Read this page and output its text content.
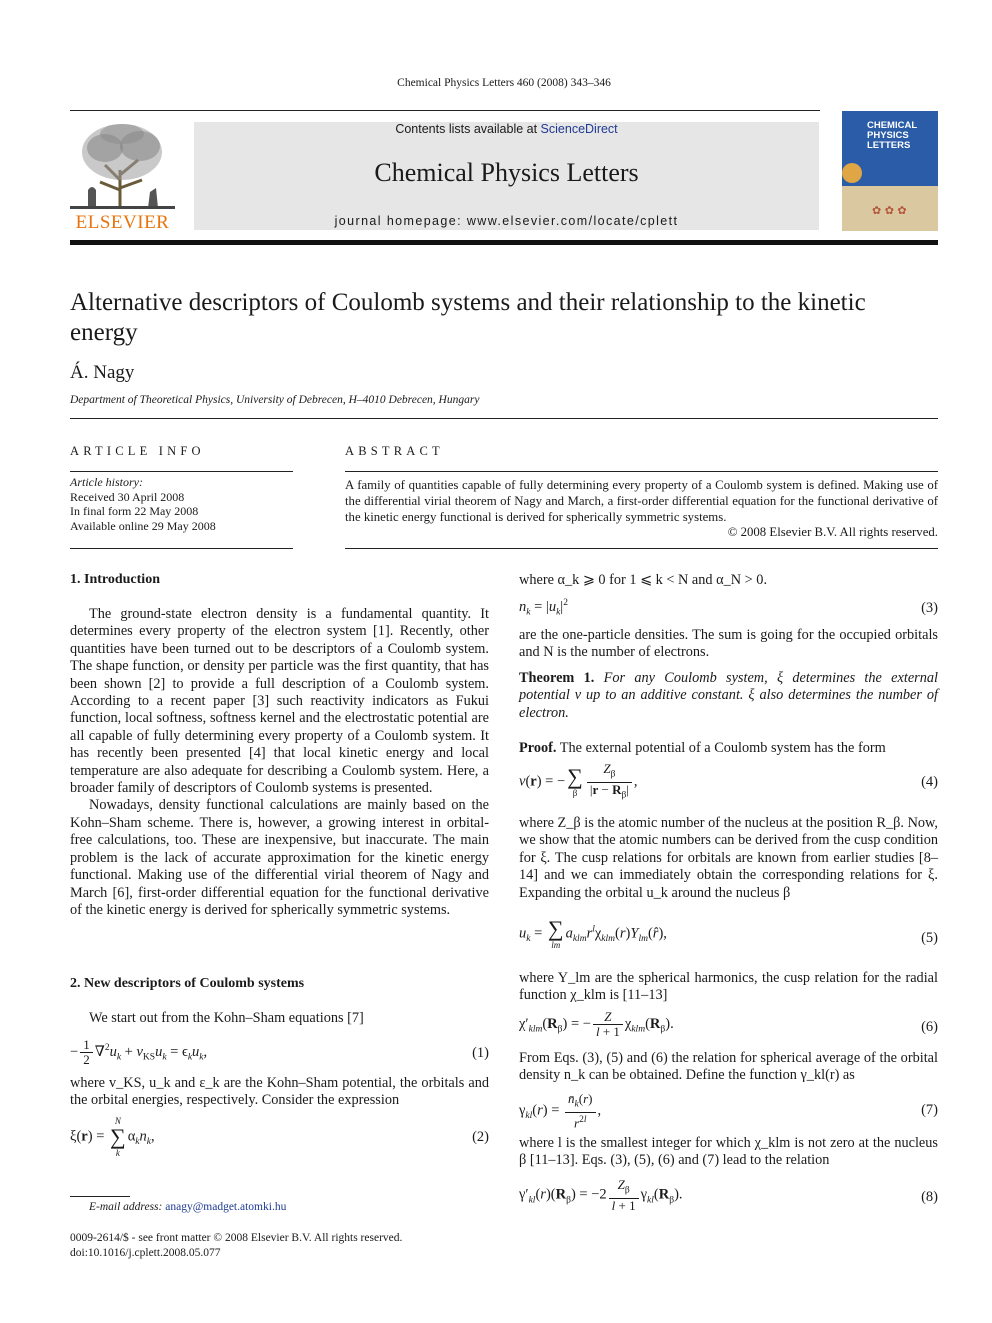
Chemical Physics Letters 460 (2008) 343–346
ELSEVIER
Contents lists available at ScienceDirect
Chemical Physics Letters
journal homepage: www.elsevier.com/locate/cplett
CHEMICAL
PHYSICS
LETTERS
✿ ✿ ✿
Alternative descriptors of Coulomb systems and their relationship to the kinetic energy
Á. Nagy
Department of Theoretical Physics, University of Debrecen, H–4010 Debrecen, Hungary
ARTICLE INFO
Article history:
Received 30 April 2008
In final form 22 May 2008
Available online 29 May 2008
ABSTRACT
A family of quantities capable of fully determining every property of a Coulomb system is defined. Making use of the differential virial theorem of Nagy and March, a first-order differential equation for the functional derivative of the kinetic energy functional is derived for spherically symmetric systems.
© 2008 Elsevier B.V. All rights reserved.
1. Introduction

The ground-state electron density is a fundamental quantity. It determines every property of the electron system [1]. Recently, other quantities have been turned out to be descriptors of a Coulomb system. The shape function, or density per particle was the first quantity, that has been shown [2] to provide a full description of a Coulomb system. According to a recent paper [3] such reactivity indicators as Fukui function, local softness, softness kernel and the electrostatic potential are all capable of fully determining every property of a Coulomb system. It has recently been presented [4] that local kinetic energy and local temperature are also adequate for describing a Coulomb system. Here, a broader family of descriptors of Coulomb systems is presented.

Nowadays, density functional calculations are mainly based on the Kohn–Sham scheme. There is, however, a growing interest in orbital-free calculations, too. These are inexpensive, but inaccurate. The main problem is the lack of accurate approximation for the kinetic energy functional. Making use of the differential virial theorem of Nagy and March [6], first-order differential equation for the functional derivative of the kinetic energy is derived for spherically symmetric systems.

2. New descriptors of Coulomb systems

We start out from the Kohn–Sham equations [7]

− $\frac{1}{2} \nabla^2u_k + v_{KS}u_k = \epsilon_ku_k$,	(1)
where v_KS, u_k and ε_k are the Kohn–Sham potential, the orbitals and the orbital energies, respectively. Consider the expression
ξ(r) =
N
∑
k
$\alpha_kn_k$,	(2)
where α_k ⩾ 0 for 1 ⩽ k < N and α_N > 0.
$n_k = |u_k|^2$	(3)
are the one-particle densities. The sum is going for the occupied orbitals and N is the number of electrons.
Theorem 1. For any Coulomb system, ξ determines the external potential v up to an additive constant. ξ also determines the number of electron.
Proof. The external potential of a Coulomb system has the form
v(r) = − ∑
β $\frac{Z_\beta}{|r - R_\beta|}$ ,	(4)
where Z_β is the atomic number of the nucleus at the position R_β. Now, we show that the atomic numbers can be derived from the cusp condition for ξ. The cusp relations for orbitals are known from earlier studies [8–14] and we can immediately obtain the corresponding relations for ξ. Expanding the orbital u_k around the nucleus β
$u_k$ = ∑
lm
$a_{klm}r^l\chi_{klm}(r)Y_{lm}(r̂)$,	(5)
where Y_lm are the spherical harmonics, the cusp relation for the radial function χ_klm is [11–13]
$\chi'_{klm}(R_\beta)$ = − $\frac{Z}{l + 1} \chi_{klm}(R_\beta)$.	(6)
From Eqs. (3), (5) and (6) the relation for spherical average of the orbital density n_k can be obtained. Define the function γ_kl(r) as
$\gamma_{kl}(r) = \frac{n̄_k(r)}{r^{2l}}$ ,	(7)
where l is the smallest integer for which χ_klm is not zero at the nucleus β [11–13]. Eqs. (3), (5), (6) and (7) lead to the relation
$\gamma'_{kl}(r)(R_\beta) = -2 \frac{Z_\beta}{l + 1} \gamma_{kl}(R_\beta)$.	(8)
E-mail address: anagy@madget.atomki.hu
0009-2614/$ - see front matter © 2008 Elsevier B.V. All rights reserved.
doi:10.1016/j.cplett.2008.05.077
